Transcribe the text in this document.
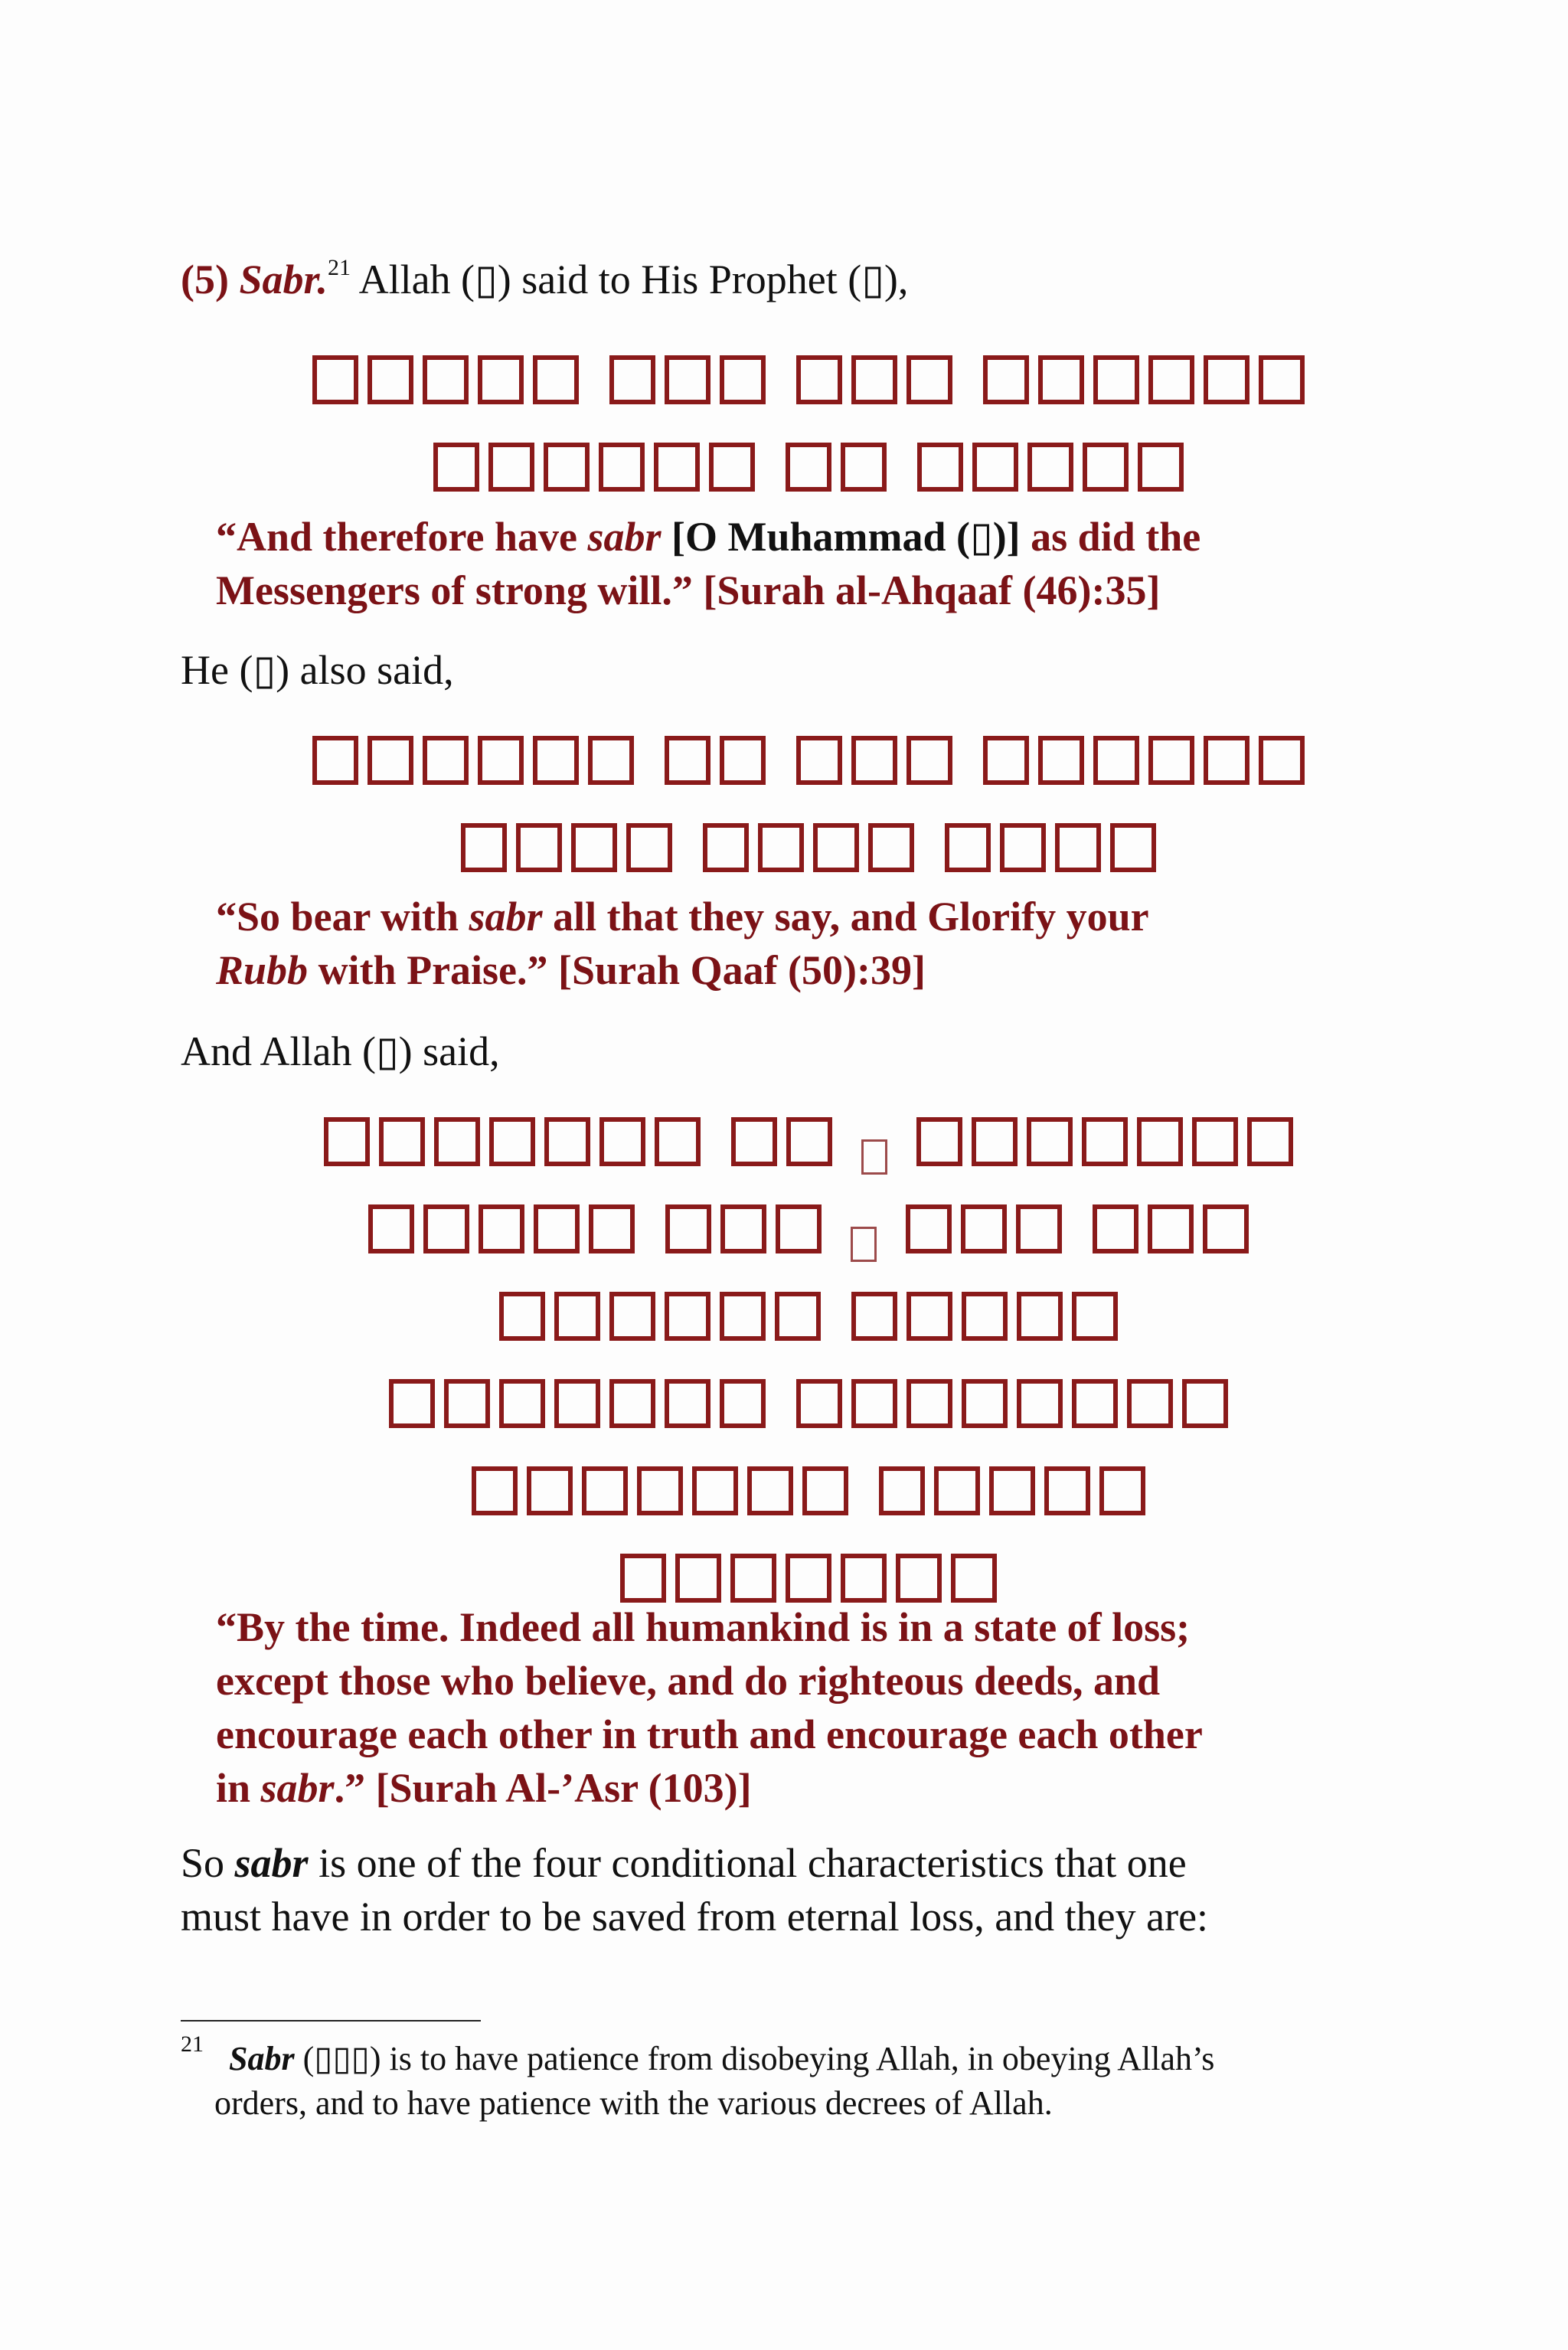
(5) Sabr.$^{21}$ Allah (▯) said to His Prophet (▯),

“And therefore have sabr [O Muhammad (▯)] as did the
Messengers of strong will.” [Surah al-Ahqaaf (46):35]

He (▯) also said,

“So bear with sabr all that they say, and Glorify your
Rubb with Praise.” [Surah Qaaf (50):39]

And Allah (▯) said,

“By the time. Indeed all humankind is in a state of loss;
except those who believe, and do righteous deeds, and
encourage each other in truth and encourage each other
in sabr.” [Surah Al-’Asr (103)]

So sabr is one of the four conditional characteristics that one
must have in order to be saved from eternal loss, and they are:

$^{21}$ Sabr (▯▯▯) is to have patience from disobeying Allah, in obeying Allah’s
orders, and to have patience with the various decrees of Allah.
